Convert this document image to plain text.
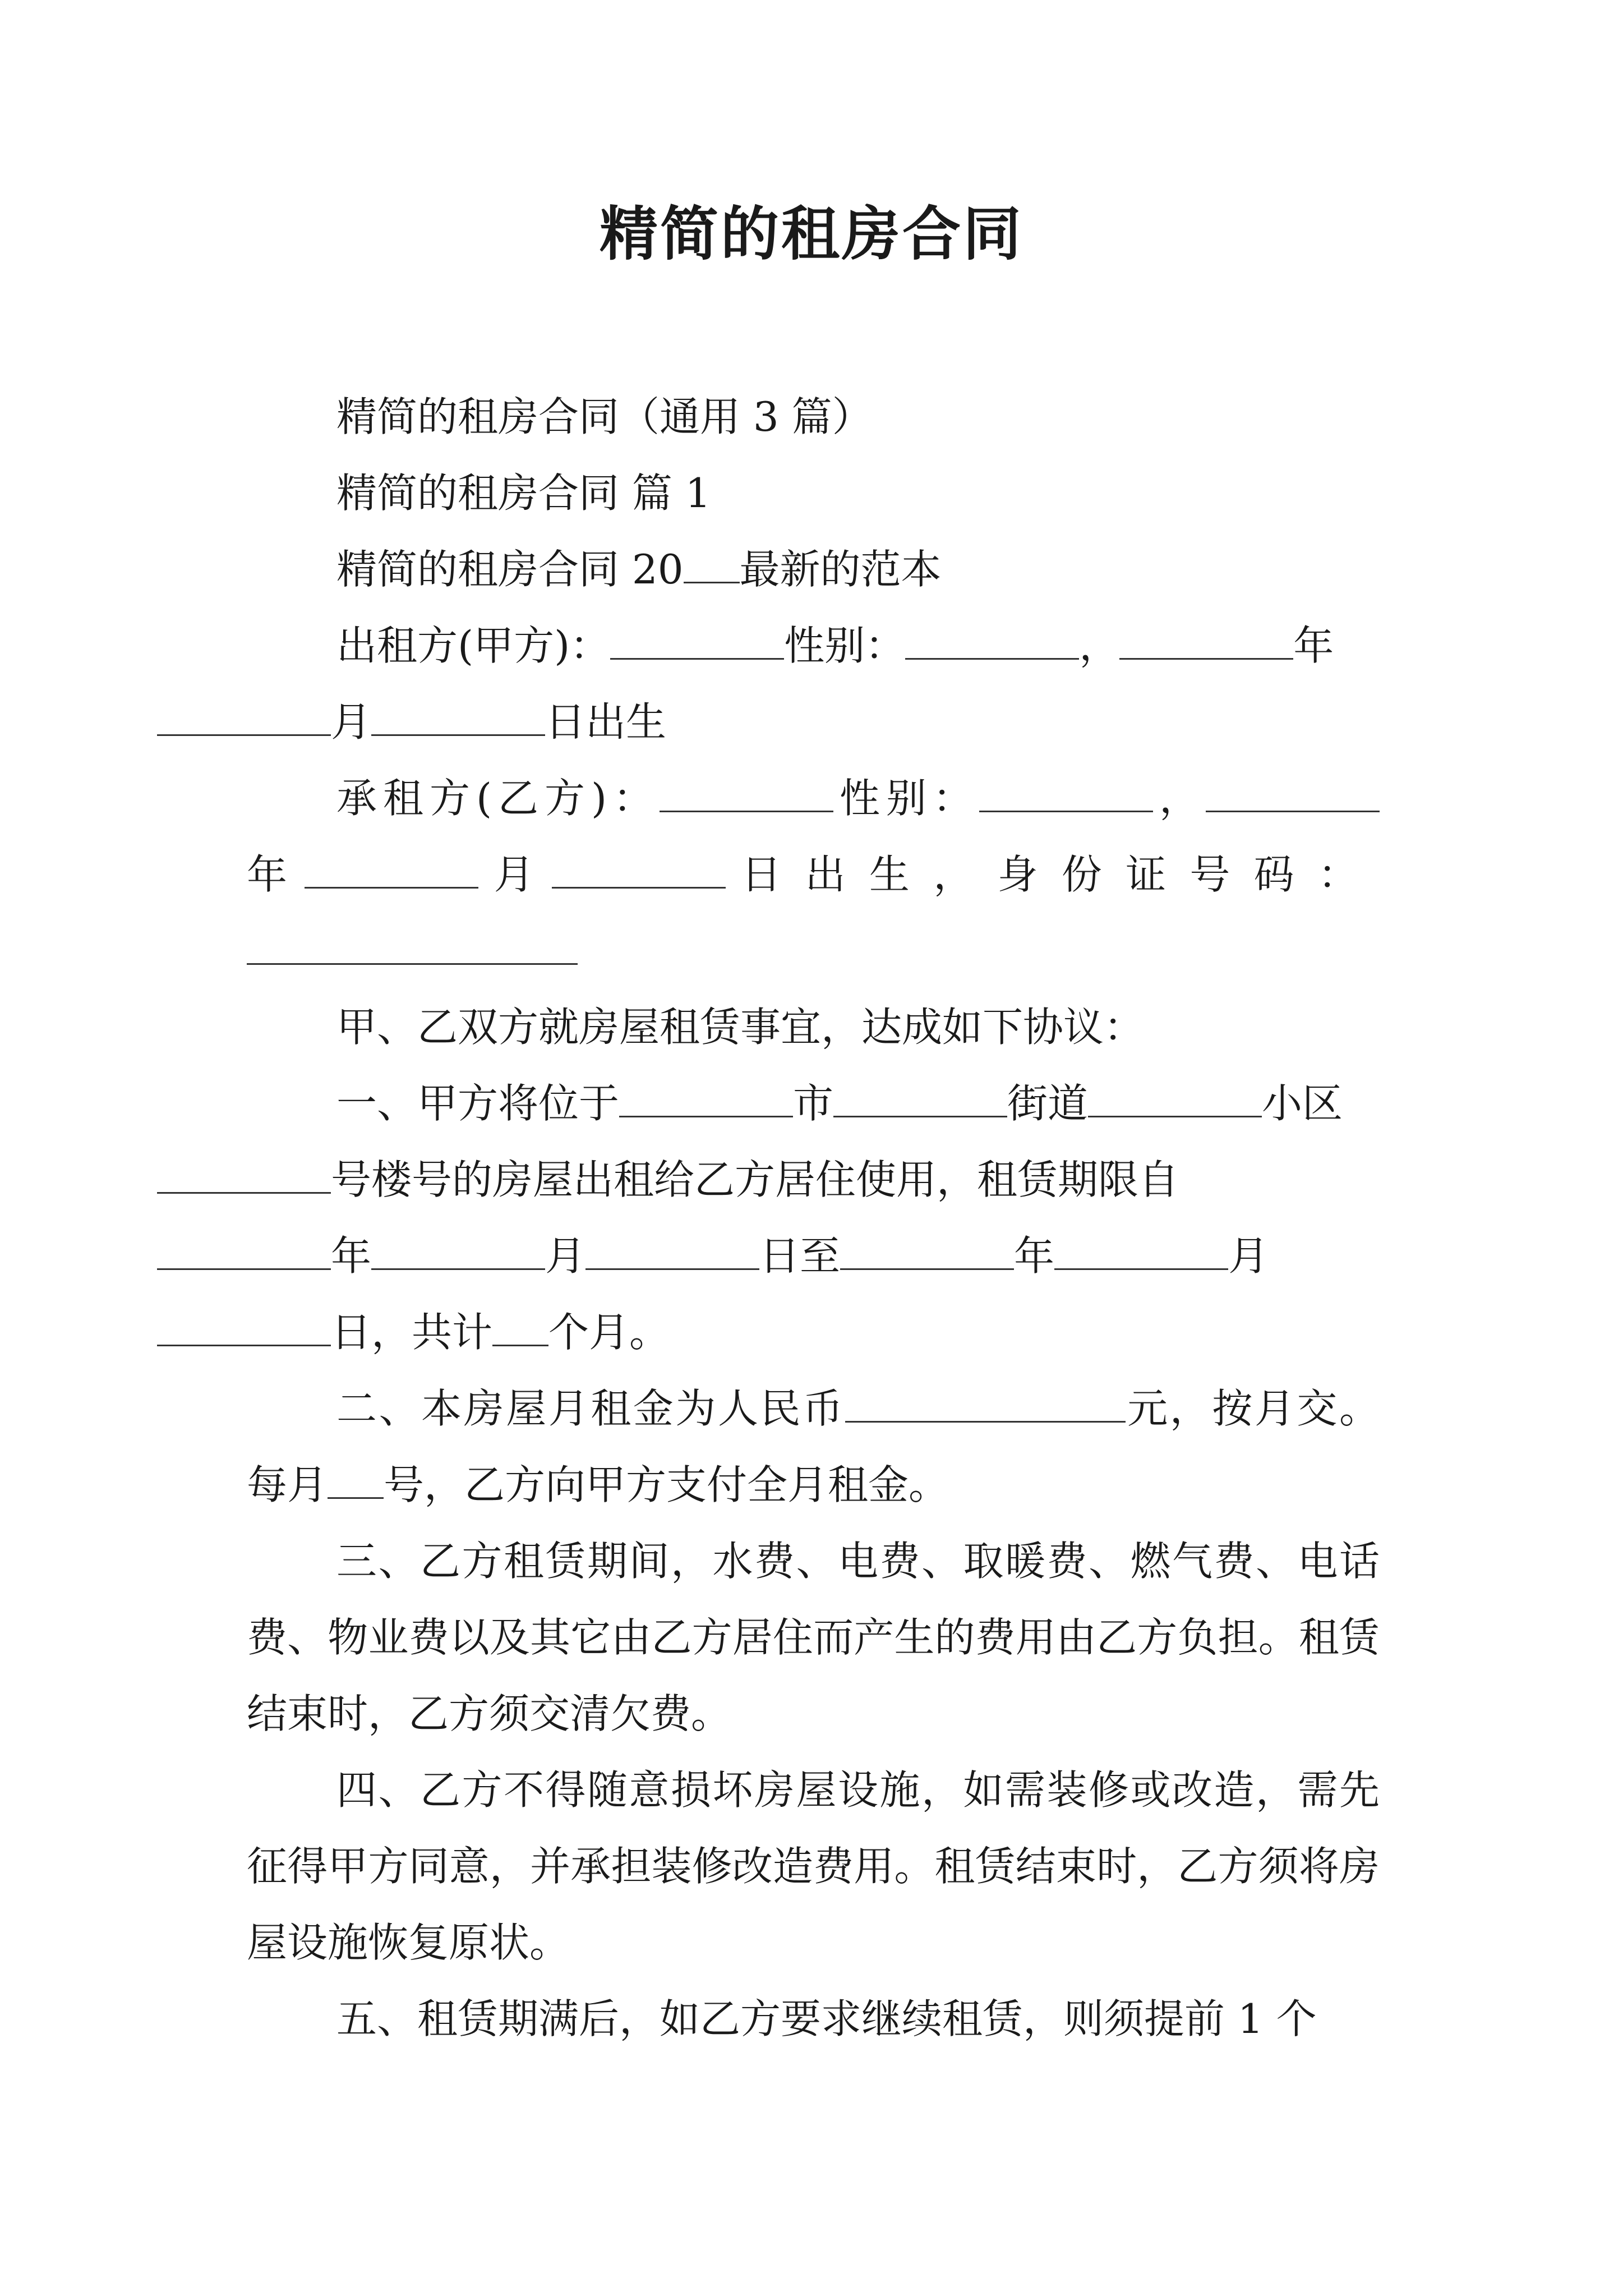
精简的租房合同

精简的租房合同（通用 3 篇）

精简的租房合同 篇 1

精简的租房合同 20 最新的范本

出租方(甲方)：	性别：	，	年
月	日出生

承租方(乙方)：	性别：	，

年	月	日出生，身份证号码：

甲、乙双方就房屋租赁事宜，达成如下协议：

一、甲方将位于	市	街道	小区
号楼号的房屋出租给乙方居住使用，租赁期限自
年	月	日至	年	月
日，共计 个月。

二、本房屋月租金为人民币	元，按月交。每月 号，乙方向甲方支付全月租金。

三、乙方租赁期间，水费、电费、取暖费、燃气费、电话费、物业费以及其它由乙方居住而产生的费用由乙方负担。租赁结束时，乙方须交清欠费。

四、乙方不得随意损坏房屋设施，如需装修或改造，需先征得甲方同意，并承担装修改造费用。租赁结束时，乙方须将房屋设施恢复原状。

五、租赁期满后，如乙方要求继续租赁，则须提前 1 个
